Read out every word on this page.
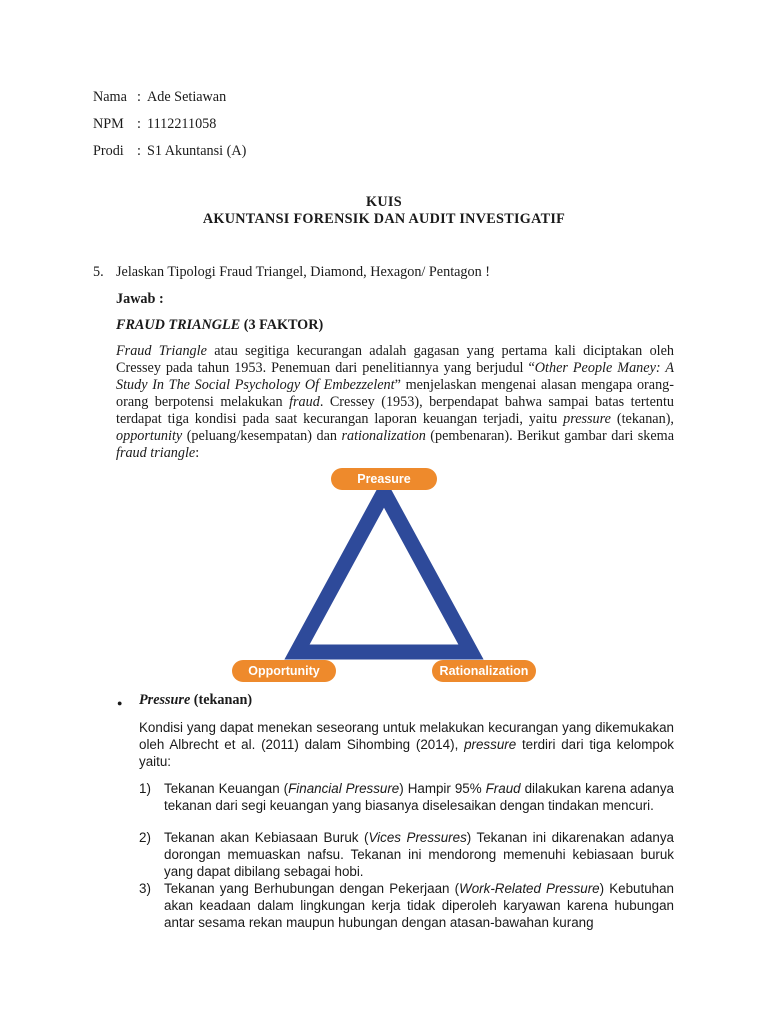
Nama : Ade Setiawan
NPM : 1112211058
Prodi : S1 Akuntansi (A)
KUIS
AKUNTANSI FORENSIK DAN AUDIT INVESTIGATIF
5. Jelaskan Tipologi Fraud Triangel, Diamond, Hexagon/ Pentagon !
Jawab :
FRAUD TRIANGLE (3 FAKTOR)
Fraud Triangle atau segitiga kecurangan adalah gagasan yang pertama kali diciptakan oleh Cressey pada tahun 1953. Penemuan dari penelitiannya yang berjudul “Other People Maney: A Study In The Social Psychology Of Embezzelent” menjelaskan mengenai alasan mengapa orang-orang berpotensi melakukan fraud. Cressey (1953), berpendapat bahwa sampai batas tertentu terdapat tiga kondisi pada saat kecurangan laporan keuangan terjadi, yaitu pressure (tekanan), opportunity (peluang/kesempatan) dan rationalization (pembenaran). Berikut gambar dari skema fraud triangle:
Preasure
Opportunity	Rationalization
● Pressure (tekanan)
Kondisi yang dapat menekan seseorang untuk melakukan kecurangan yang dikemukakan oleh Albrecht et al. (2011) dalam Sihombing (2014), pressure terdiri dari tiga kelompok yaitu:
1) Tekanan Keuangan (Financial Pressure) Hampir 95% Fraud dilakukan karena adanya tekanan dari segi keuangan yang biasanya diselesaikan dengan tindakan mencuri.
2) Tekanan akan Kebiasaan Buruk (Vices Pressures) Tekanan ini dikarenakan adanya dorongan memuaskan nafsu. Tekanan ini mendorong memenuhi kebiasaan buruk yang dapat dibilang sebagai hobi.
3) Tekanan yang Berhubungan dengan Pekerjaan (Work-Related Pressure) Kebutuhan akan keadaan dalam lingkungan kerja tidak diperoleh karyawan karena hubungan antar sesama rekan maupun hubungan dengan atasan-bawahan kurang
